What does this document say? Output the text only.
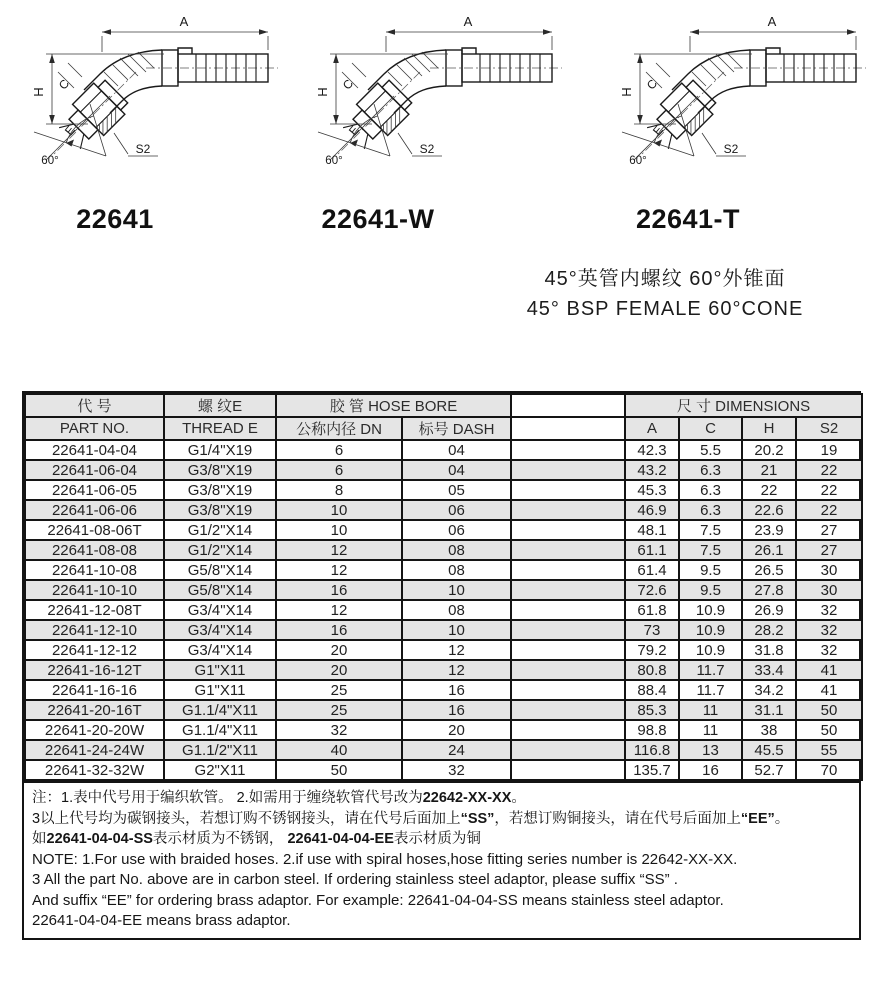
A
H C
E
S2
60°
A
H C
E
S2
60°
A
H C
E
S2
60°
22641	22641-W	22641-T
45°英管内螺纹 60°外锥面
45° BSP FEMALE 60°CONE
代 号	螺 纹E	胶 管 HOSE BORE			尺 寸 DIMENSIONS			
PART NO.	THREAD E	公称内径 DN	标号 DASH		A	C	H	S2
22641-04-04	G1/4"X19	6	04		42.3	5.5	20.2	19
22641-06-04	G3/8"X19	6	04		43.2	6.3	21	22
22641-06-05	G3/8"X19	8	05		45.3	6.3	22	22
22641-06-06	G3/8"X19	10	06		46.9	6.3	22.6	22
22641-08-06T	G1/2"X14	10	06		48.1	7.5	23.9	27
22641-08-08	G1/2"X14	12	08		61.1	7.5	26.1	27
22641-10-08	G5/8"X14	12	08		61.4	9.5	26.5	30
22641-10-10	G5/8"X14	16	10		72.6	9.5	27.8	30
22641-12-08T	G3/4"X14	12	08		61.8	10.9	26.9	32
22641-12-10	G3/4"X14	16	10		73	10.9	28.2	32
22641-12-12	G3/4"X14	20	12		79.2	10.9	31.8	32
22641-16-12T	G1"X11	20	12		80.8	11.7	33.4	41
22641-16-16	G1"X11	25	16		88.4	11.7	34.2	41
22641-20-16T	G1.1/4"X11	25	16		85.3	11	31.1	50
22641-20-20W	G1.1/4"X11	32	20		98.8	11	38	50
22641-24-24W	G1.1/2"X11	40	24		116.8	13	45.5	55
22641-32-32W	G2"X11	50	32		135.7	16	52.7	70
注：1.表中代号用于编织软管。 2.如需用于缠绕软管代号改为22642-XX-XX。
3以上代号均为碳钢接头，若想订购不锈钢接头，请在代号后面加上“SS”，若想订购铜接头，请在代号后面加上“EE”。
如22641-04-04-SS表示材质为不锈钢， 22641-04-04-EE表示材质为铜
NOTE: 1.For use with braided hoses. 2.if use with spiral hoses,hose fitting series number is 22642-XX-XX.
3 All the part No. above are in carbon steel. If ordering stainless steel adaptor, please suffix “SS” .
And suffix “EE” for ordering brass adaptor. For example: 22641-04-04-SS means stainless steel adaptor.
22641-04-04-EE means brass adaptor.
